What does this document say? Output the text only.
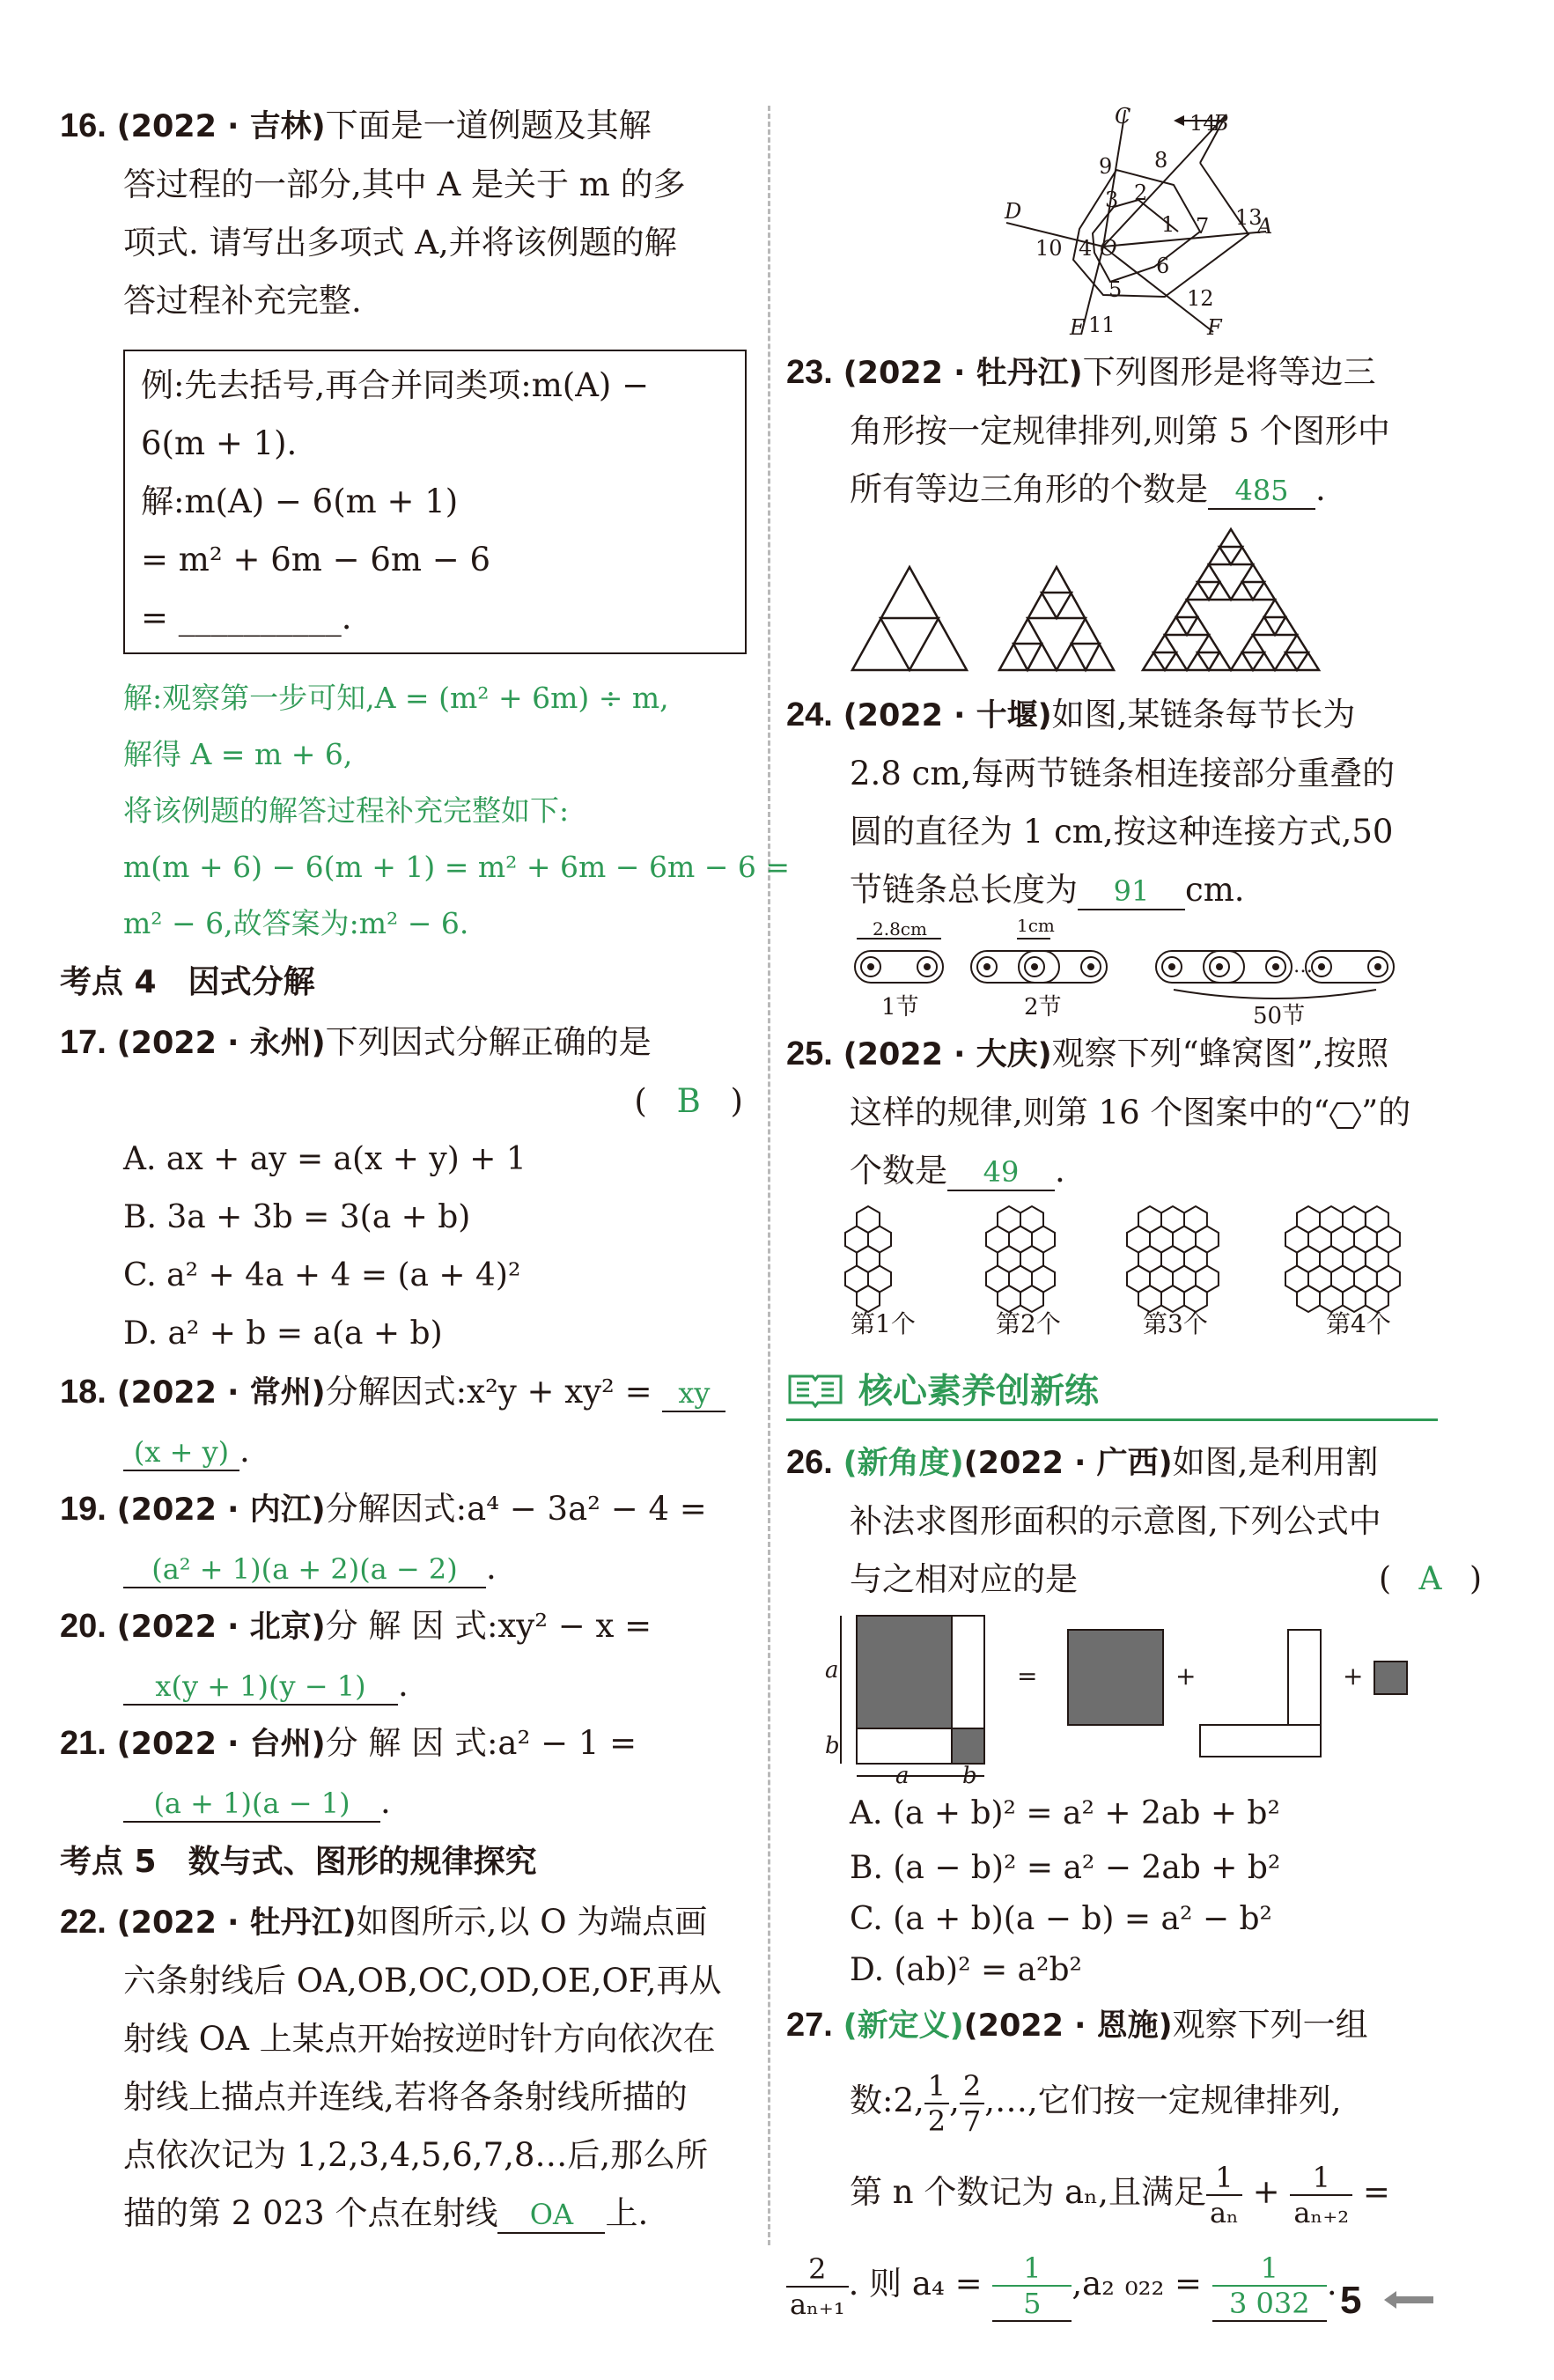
16. (2022 · 吉林)下面是一道例题及其解
答过程的一部分,其中 A 是关于 m 的多
项式. 请写出多项式 A,并将该例题的解
答过程补充完整.
例:先去括号,再合并同类项:m(A) −
6(m + 1).
解:m(A) − 6(m + 1)
= m² + 6m − 6m − 6
= __________.
解:观察第一步可知,A = (m² + 6m) ÷ m,
解得 A = m + 6,
将该例题的解答过程补充完整如下:
m(m + 6) − 6(m + 1) = m² + 6m − 6m − 6 =
m² − 6,故答案为:m² − 6.
考点 4　因式分解
17. (2022 · 永州)下列因式分解正确的是
( B )
A. ax + ay = a(x + y) + 1
B. 3a + 3b = 3(a + b)
C. a² + 4a + 4 = (a + 4)²
D. a² + b = a(a + b)
18. (2022 · 常州)分解因式:x²y + xy² = xy
(x + y) .
19. (2022 · 内江)分解因式:a⁴ − 3a² − 4 =
(a² + 1)(a + 2)(a − 2) .
20. (2022 · 北京)分 解 因 式:xy² − x =
x(y + 1)(y − 1) .
21. (2022 · 台州)分 解 因 式:a² − 1 =
(a + 1)(a − 1) .
考点 5　数与式、图形的规律探究
22. (2022 · 牡丹江)如图所示,以 O 为端点画
六条射线后 OA,OB,OC,OD,OE,OF,再从
射线 OA 上某点开始按逆时针方向依次在
射线上描点并连线,若将各条射线所描的
点依次记为 1,2,3,4,5,6,7,8…后,那么所
描的第 2 023 个点在射线 OA 上.
C	14
B
9 8
3 2
D
1 7 13
A
10 4 O
6
5	12
E 11	F
23. (2022 · 牡丹江)下列图形是将等边三
角形按一定规律排列,则第 5 个图形中
所有等边三角形的个数是 485 .
24. (2022 · 十堰)如图,某链条每节长为
2.8 cm,每两节链条相连接部分重叠的
圆的直径为 1 cm,按这种连接方式,50
节链条总长度为 91 cm.
…
2.8cm	1cm
1节	2节	50节
25. (2022 · 大庆)观察下列“蜂窝图”,按照
这样的规律,则第 16 个图案中的“ ”的
个数是 49 .
第1个	第2个	第3个	第4个
核心素养创新练
26. (新角度)(2022 · 广西)如图,是利用割
补法求图形面积的示意图,下列公式中
与之相对应的是	( A )
a
b
a b
=	+	+
A. (a + b)² = a² + 2ab + b²
B. (a − b)² = a² − 2ab + b²
C. (a + b)(a − b) = a² − b²
D. (ab)² = a²b²
27. (新定义)(2022 · 恩施)观察下列一组
数:2, $\frac{1}{2}$ , $\frac{2}{7}$ ,…,它们按一定规律排列,
第 n 个数记为 aₙ,且满足 $\frac{1}{\text{aₙ}} + \frac{1}{\text{aₙ₊₂}}$ =
$\frac{2}{\text{aₙ₊₁}}$ . 则 $a_4 = \frac{1}{5} ,a_2$ $_{022} = \frac{1}{3 032}$ . 5
